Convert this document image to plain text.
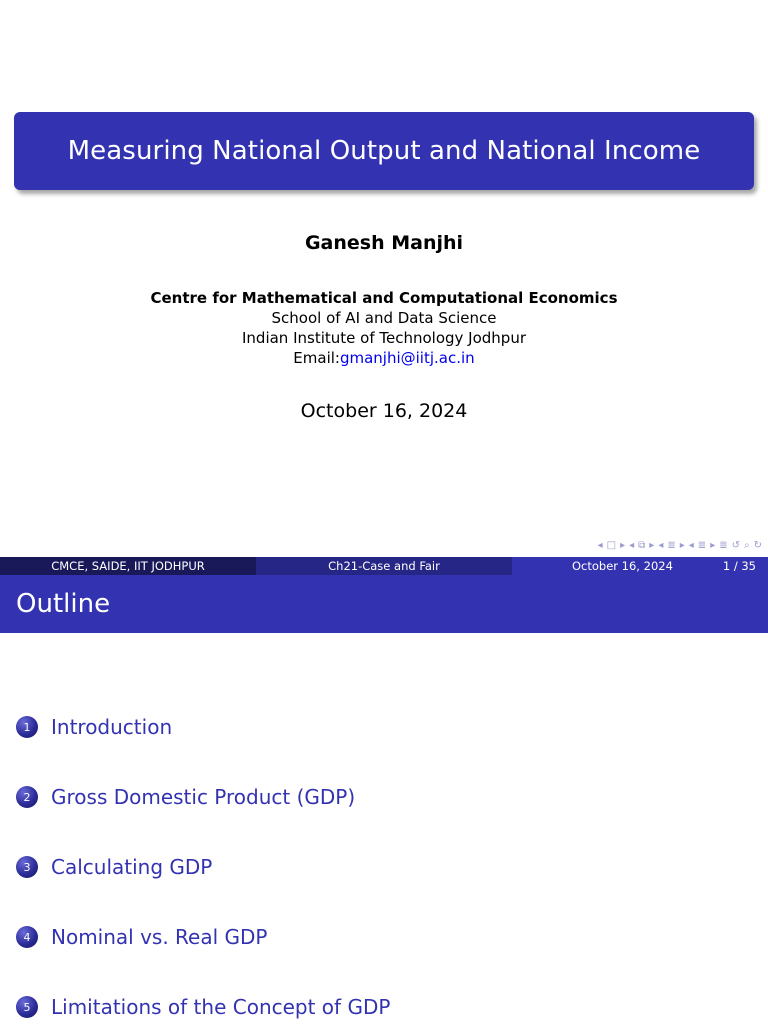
Measuring National Output and National Income
Ganesh Manjhi
Centre for Mathematical and Computational Economics
School of AI and Data Science
Indian Institute of Technology Jodhpur
Email:gmanjhi@iitj.ac.in
October 16, 2024
◂ □ ▸ ◂ ⧉ ▸ ◂ ≣ ▸ ◂ ≣ ▸ ≣ ↺ ⌕ ↻
CMCE, SAIDE, IIT JODHPUR	Ch21-Case and Fair	October 16, 2024	1 / 35
Outline
1	Introduction
2	Gross Domestic Product (GDP)
3	Calculating GDP
4	Nominal vs. Real GDP
5	Limitations of the Concept of GDP
